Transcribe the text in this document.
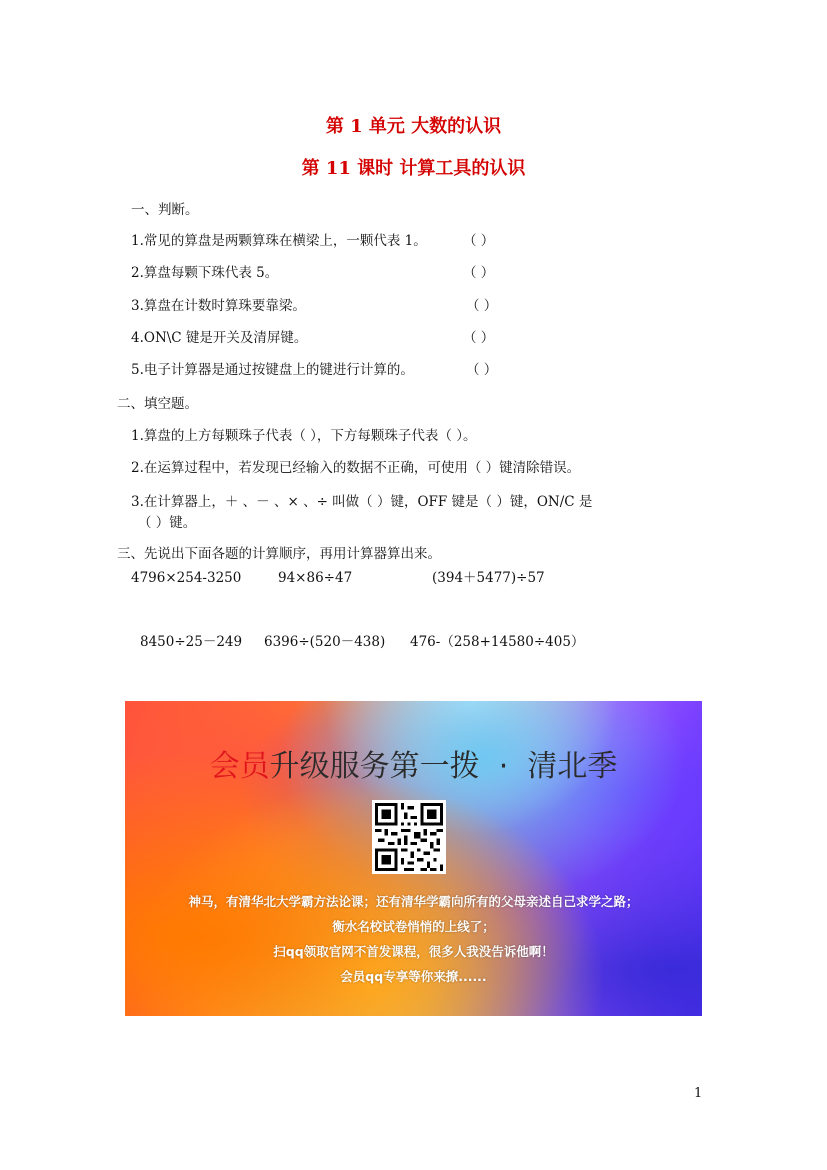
第 1 单元 大数的认识
第 11 课时 计算工具的认识
一、判断。
1.常见的算盘是两颗算珠在横梁上，一颗代表 1。	（ ）
2.算盘每颗下珠代表 5。	（ ）
3.算盘在计数时算珠要靠梁。	（ ）
4.ON\C 键是开关及清屏键。	（ ）
5.电子计算器是通过按键盘上的键进行计算的。	（ ）
二、填空题。
1.算盘的上方每颗珠子代表（ ），下方每颗珠子代表（ ）。
2.在运算过程中，若发现已经输入的数据不正确，可使用（ ）键清除错误。
3.在计算器上，＋ 、－ 、× 、÷ 叫做（ ）键，OFF 键是（ ）键，ON/C 是
（ ）键。
三、先说出下面各题的计算顺序，再用计算器算出来。
4796×254-3250	94×86÷47	(394＋5477)÷57
8450÷25－249 6396÷(520－438) 476-（258+14580÷405）
会员升级服务第一拨 · 清北季
神马，有清华北大学霸方法论课；还有清华学霸向所有的父母亲述自己求学之路；
衡水名校试卷悄悄的上线了；
扫qq领取官网不首发课程，很多人我没告诉他啊！
会员qq专享等你来撩......
1
